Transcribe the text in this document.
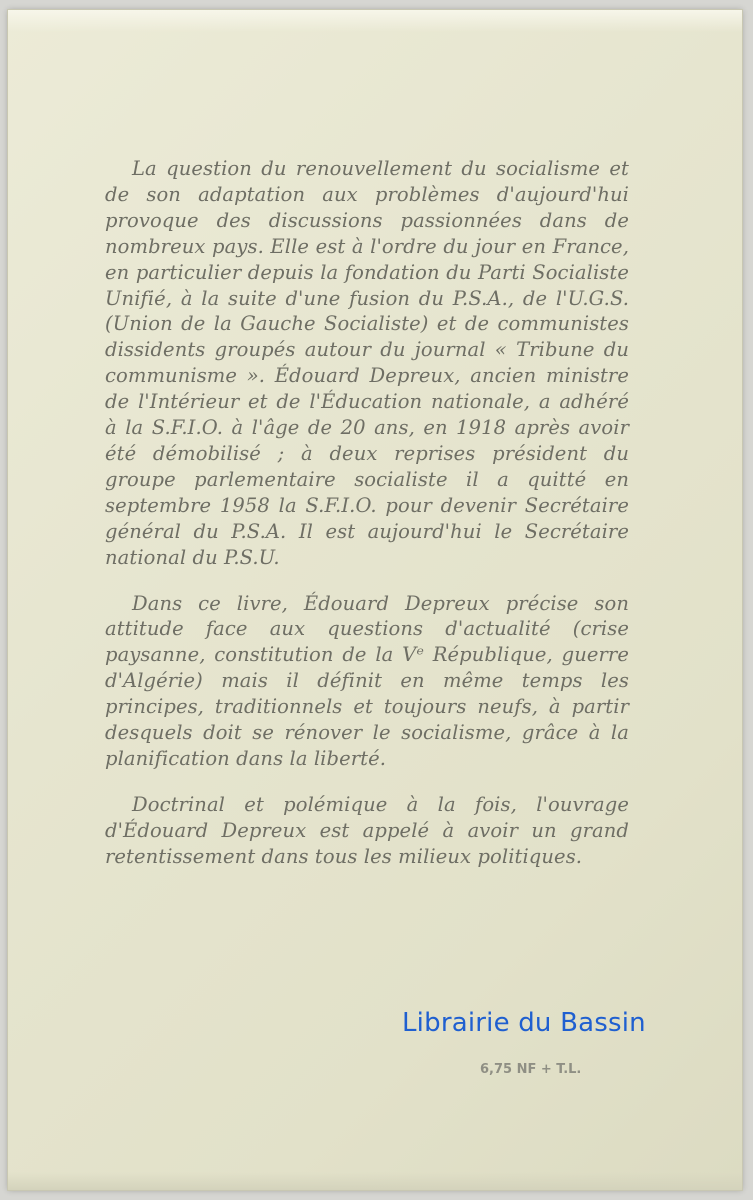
La question du renouvellement du socialisme et de son adaptation aux problèmes d'aujourd'hui provoque des discussions passionnées dans de nombreux pays. Elle est à l'ordre du jour en France, en particulier depuis la fondation du Parti Socialiste Unifié, à la suite d'une fusion du P.S.A., de l'U.G.S. (Union de la Gauche Socialiste) et de communistes dissidents groupés autour du journal « Tribune du communisme ». Édouard Depreux, ancien ministre de l'Intérieur et de l'Éducation nationale, a adhéré à la S.F.I.O. à l'âge de 20 ans, en 1918 après avoir été démobilisé ; à deux reprises président du groupe parlementaire socialiste il a quitté en septembre 1958 la S.F.I.O. pour devenir Secrétaire général du P.S.A. Il est aujourd'hui le Secrétaire national du P.S.U.

Dans ce livre, Édouard Depreux précise son attitude face aux questions d'actualité (crise paysanne, constitution de la Vᵉ République, guerre d'Algérie) mais il définit en même temps les principes, traditionnels et toujours neufs, à partir desquels doit se rénover le socialisme, grâce à la planification dans la liberté.

Doctrinal et polémique à la fois, l'ouvrage d'Édouard Depreux est appelé à avoir un grand retentissement dans tous les milieux politiques.

Librairie du Bassin
6,75 NF + T.L.
